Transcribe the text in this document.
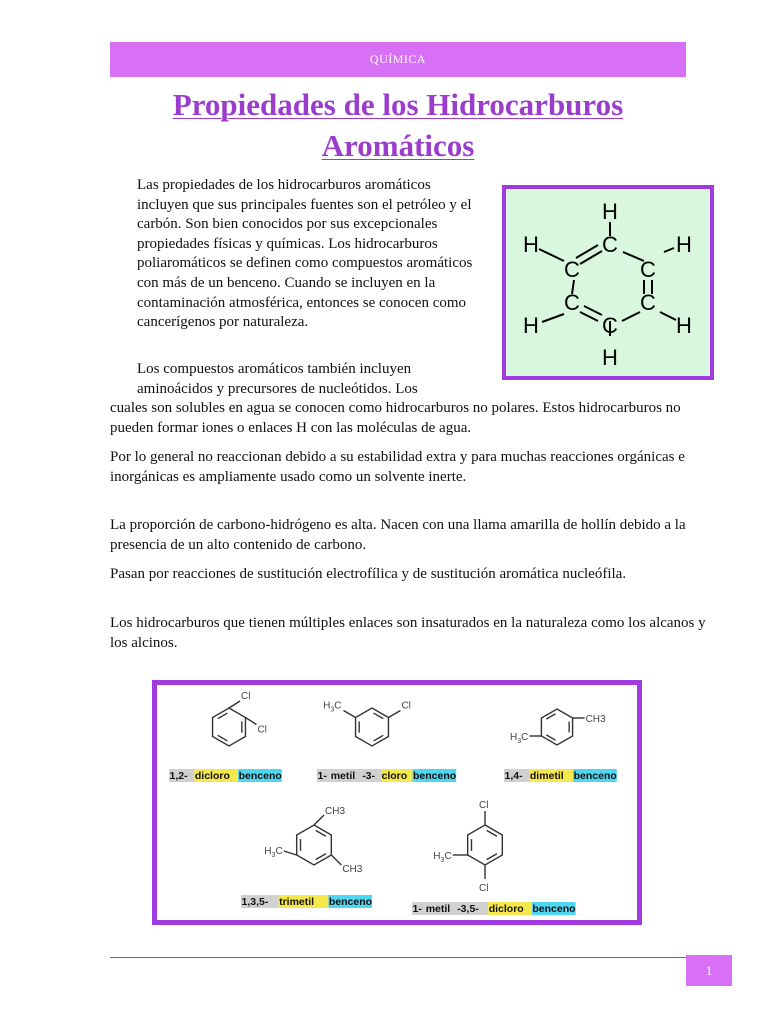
QUÍMICA
Propiedades de los Hidrocarburos
Aromáticos

Las propiedades de los hidrocarburos aromáticos incluyen que sus principales fuentes son el petróleo y el carbón. Son bien conocidos por sus excepcionales propiedades físicas y químicas. Los hidrocarburos poliaromáticos se definen como compuestos aromáticos con más de un benceno. Cuando se incluyen en la contaminación atmosférica, entonces se conocen como cancerígenos por naturaleza.

H
H	C	H
C	C
C	C
H	C	H
H

Los compuestos aromáticos también incluyen aminoácidos y precursores de nucleótidos. Los

cuales son solubles en agua se conocen como hidrocarburos no polares. Estos hidrocarburos no pueden formar iones o enlaces H con las moléculas de agua.

Por lo general no reaccionan debido a su estabilidad extra y para muchas reacciones orgánicas e inorgánicas es ampliamente usado como un solvente inerte.

La proporción de carbono-hidrógeno es alta. Nacen con una llama amarilla de hollín debido a la presencia de un alto contenido de carbono.

Pasan por reacciones de sustitución electrofílica y de sustitución aromática nucleófila.

Los hidrocarburos que tienen múltiples enlaces son insaturados en la naturaleza como los alcanos y los alcinos.

Cl
Cl
1,2- dicloro benceno
$H_3C$	Cl
1- metil -3- cloro benceno
$H_3C$
CH3
1,4- dimetil benceno
CH3
$H_3C$
CH3
1,3,5- trimetil benceno
Cl
$H_3C$
Cl
1- metil -3,5- dicloro benceno
1
